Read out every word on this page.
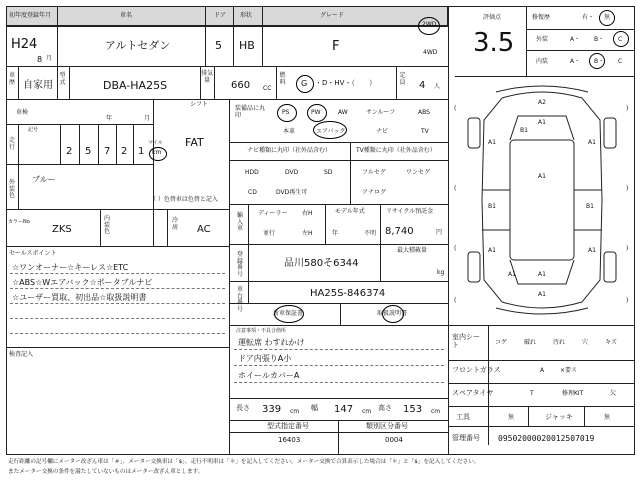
初年度登録年月	車名	ドア 形状	グレード
H24
8 月
アルトセダン	5 HB	F
2WD
4WD
車歴 自家用
型式	DBA-HA25S
排気量	660 CC
燃料 G ・D・HV・（　　）
定員 4 人
評価点
3.5
修復歴	有・ 無
外装	A・ B・ C
内装	A・ B・ C
シフト
FAT
車検
年	月
走行
記号
2 5 7 2 1
マイル
km
外装色
ブルー
（ ）色替車は色替と記入
カラーNo
ZKS
内装色
冷房 AC
セールスポイント
☆ワンオーナー☆キーレス☆ETC
☆ABS☆Wエアバック☆ポータブルナビ
☆ユーザー買取、初出品☆取扱説明書
検査記入
装備品に丸印	PS	PW	AW	サンルーフ	ABS
本革	エアバック	ナビ	TV
ナビ種類に丸印（社外品含む）	TV種類に丸印（社外品含む）
HDD	DVD	SD
CD	DVD再生可
フルセグ	ワンセグ
アナログ
輸入車
ディーラー 右H
並行	左H
モデル年式
年	不明
リサイクル預託金
8,740	円
登録番号
品川580そ6344
最大積載量
kg
車台番号
HA25S-846374
新車保証書	取扱説明書
注意事項・不具合箇所
運転席 わすれかけ
ドア内張りA小
ホイールカバーA
長さ 339 cm 幅 147 cm 高さ 153 cm
型式指定番号
16403
類別区分番号
0004
A2
A1
A1	A1
B1
A1
B1	B1
A1	A1
A1
A1
A1
(
(
(
(
)
)
)
)
室内シート	コゲ	破れ	汚れ	穴	キズ
フロントガラス	A	×要ス
スペアタイヤ	T	修理KIT	欠
工具	無	ジャッキ	無
管理番号 09502000020012507019
走行距離の記号欄にメーター改ざん車は「＃」、メーター交換車は「$」、走行不明車は「＊」を記入してください。メーター交換で合算表示した場合は「＊」と「$」を記入してください。
またメーター交換の条件を満たしていないものはメーター改ざん車とします。
